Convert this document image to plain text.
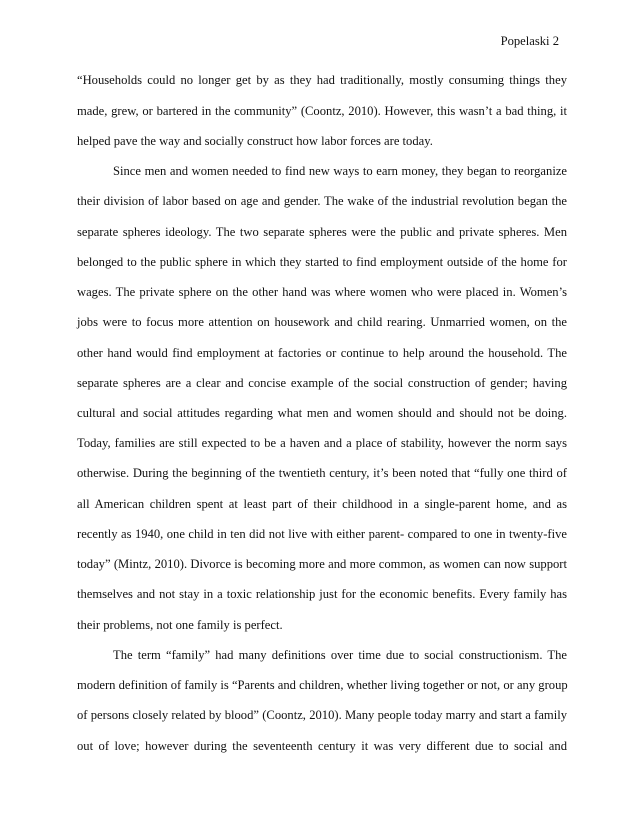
Popelaski 2
“Households could no longer get by as they had traditionally, mostly consuming things they
made, grew, or bartered in the community” (Coontz, 2010). However, this wasn’t a bad thing, it
helped pave the way and socially construct how labor forces are today.
Since men and women needed to find new ways to earn money, they began to reorganize
their division of labor based on age and gender. The wake of the industrial revolution began the
separate spheres ideology. The two separate spheres were the public and private spheres. Men
belonged to the public sphere in which they started to find employment outside of the home for
wages. The private sphere on the other hand was where women who were placed in. Women’s
jobs were to focus more attention on housework and child rearing. Unmarried women, on the
other hand would find employment at factories or continue to help around the household. The
separate spheres are a clear and concise example of the social construction of gender; having
cultural and social attitudes regarding what men and women should and should not be doing.
Today, families are still expected to be a haven and a place of stability, however the norm says
otherwise. During the beginning of the twentieth century, it’s been noted that “fully one third of
all American children spent at least part of their childhood in a single-parent home, and as
recently as 1940, one child in ten did not live with either parent- compared to one in twenty-five
today” (Mintz, 2010). Divorce is becoming more and more common, as women can now support
themselves and not stay in a toxic relationship just for the economic benefits. Every family has
their problems, not one family is perfect.
The term “family” had many definitions over time due to social constructionism. The
modern definition of family is “Parents and children, whether living together or not, or any group
of persons closely related by blood” (Coontz, 2010). Many people today marry and start a family
out of love; however during the seventeenth century it was very different due to social and
